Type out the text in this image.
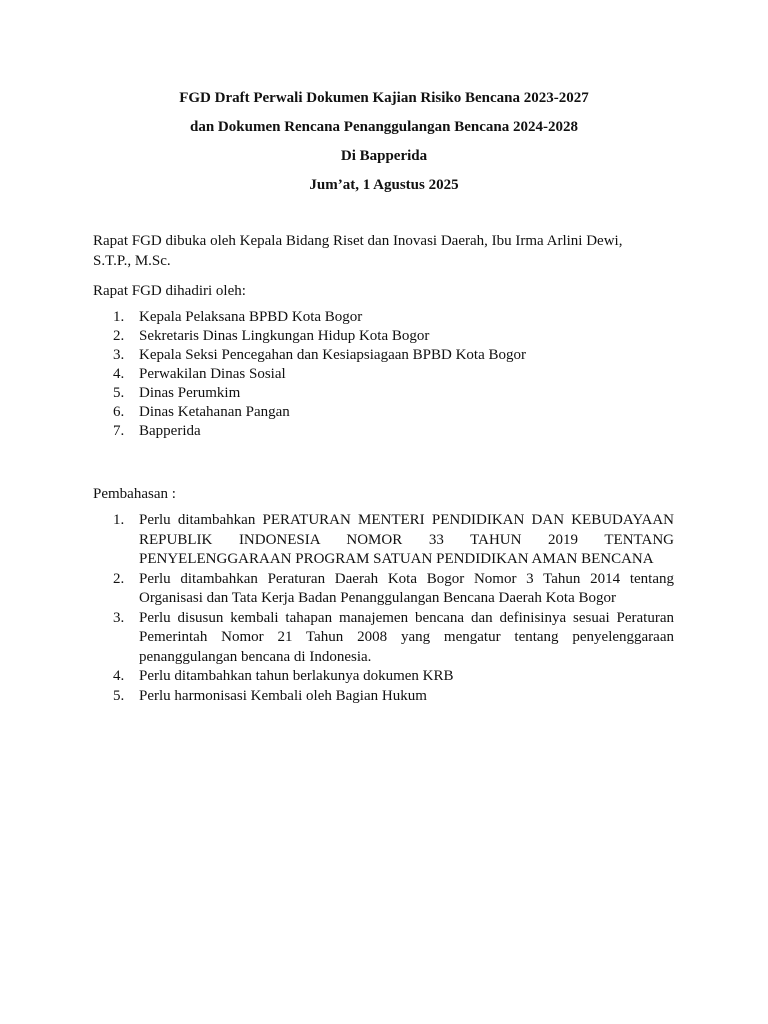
FGD Draft Perwali Dokumen Kajian Risiko Bencana 2023-2027
dan Dokumen Rencana Penanggulangan Bencana 2024-2028
Di Bapperida
Jum’at, 1 Agustus 2025
Rapat FGD dibuka oleh Kepala Bidang Riset dan Inovasi Daerah, Ibu Irma Arlini Dewi, S.T.P., M.Sc.
Rapat FGD dihadiri oleh:
1. Kepala Pelaksana BPBD Kota Bogor
2. Sekretaris Dinas Lingkungan Hidup Kota Bogor
3. Kepala Seksi Pencegahan dan Kesiapsiagaan BPBD Kota Bogor
4. Perwakilan Dinas Sosial
5. Dinas Perumkim
6. Dinas Ketahanan Pangan
7. Bapperida
Pembahasan :
1. Perlu ditambahkan PERATURAN MENTERI PENDIDIKAN DAN KEBUDAYAAN REPUBLIK INDONESIA NOMOR 33 TAHUN 2019 TENTANG PENYELENGGARAAN PROGRAM SATUAN PENDIDIKAN AMAN BENCANA
2. Perlu ditambahkan Peraturan Daerah Kota Bogor Nomor 3 Tahun 2014 tentang Organisasi dan Tata Kerja Badan Penanggulangan Bencana Daerah Kota Bogor
3. Perlu disusun kembali tahapan manajemen bencana dan definisinya sesuai Peraturan Pemerintah Nomor 21 Tahun 2008 yang mengatur tentang penyelenggaraan penanggulangan bencana di Indonesia.
4. Perlu ditambahkan tahun berlakunya dokumen KRB
5. Perlu harmonisasi Kembali oleh Bagian Hukum
